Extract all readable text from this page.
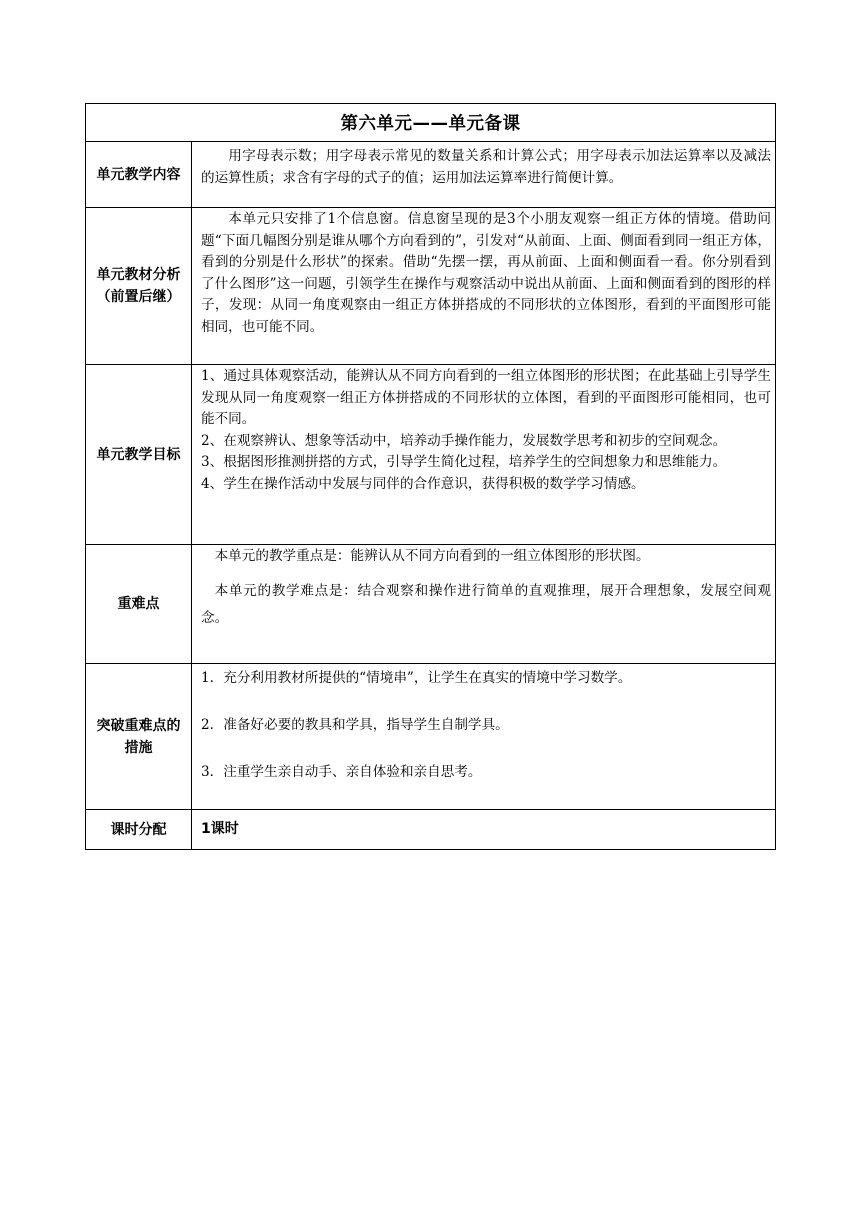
第六单元——单元备课	
单元教学内容	用字母表示数；用字母表示常见的数量关系和计算公式；用字母表示加法运算率以及减法的运算性质；求含有字母的式子的值；运用加法运算率进行简便计算。

单元教材分析（前置后继）	本单元只安排了1个信息窗。信息窗呈现的是3个小朋友观察一组正方体的情境。借助问题“下面几幅图分别是谁从哪个方向看到的”，引发对“从前面、上面、侧面看到同一组正方体，看到的分别是什么形状”的探索。借助“先摆一摆，再从前面、上面和侧面看一看。你分别看到了什么图形”这一问题，引领学生在操作与观察活动中说出从前面、上面和侧面看到的图形的样子，发现：从同一角度观察由一组正方体拼搭成的不同形状的立体图形，看到的平面图形可能相同，也可能不同。

单元教学目标	1、通过具体观察活动，能辨认从不同方向看到的一组立体图形的形状图；在此基础上引导学生发现从同一角度观察一组正方体拼搭成的不同形状的立体图，看到的平面图形可能相同，也可能不同。

2、在观察辨认、想象等活动中，培养动手操作能力，发展数学思考和初步的空间观念。

3、根据图形推测拼搭的方式，引导学生简化过程，培养学生的空间想象力和思维能力。

4、学生在操作活动中发展与同伴的合作意识，获得积极的数学学习情感。

重难点	本单元的教学重点是：能辨认从不同方向看到的一组立体图形的形状图。

本单元的教学难点是：结合观察和操作进行简单的直观推理，展开合理想象，发展空间观念。

突破重难点的措施	1．充分利用教材所提供的“情境串”，让学生在真实的情境中学习数学。

2．准备好必要的教具和学具，指导学生自制学具。

3．注重学生亲自动手、亲自体验和亲自思考。

课时分配	1课时
